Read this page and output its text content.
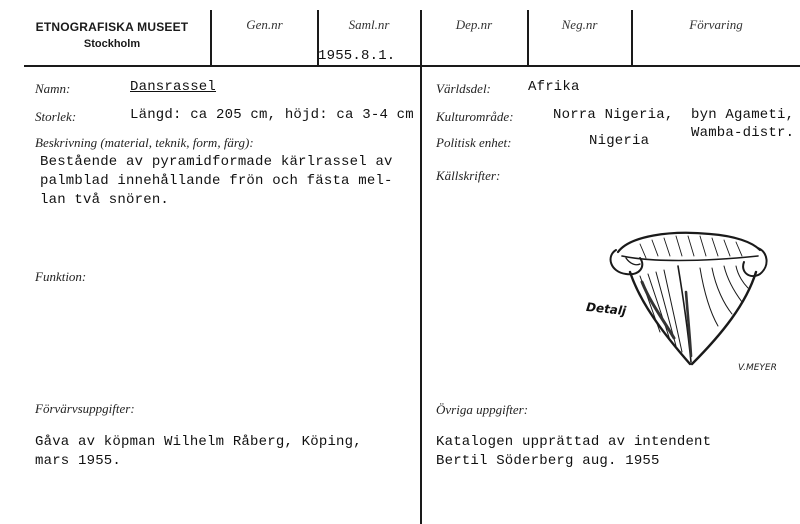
ETNOGRAFISKA MUSEET
Stockholm
Gen.nr	Saml.nr
1955.8.1.
Dep.nr	Neg.nr	Förvaring
Namn:	Dansrassel
Storlek:	Längd: ca 205 cm, höjd: ca 3-4 cm
Beskrivning (material, teknik, form, färg):
Bestående av pyramidformade kärlrassel av
palmblad innehållande frön och fästa mel-
lan två snören.
Funktion:
Förvärvsuppgifter:
Gåva av köpman Wilhelm Råberg, Köping,
mars 1955.
Världsdel:	Afrika
Kulturområde:	Norra Nigeria, byn Agameti,
Wamba-distr.
Politisk enhet:	Nigeria
Källskrifter:
Detalj
V.MEYER
Övriga uppgifter:
Katalogen upprättad av intendent
Bertil Söderberg aug. 1955
